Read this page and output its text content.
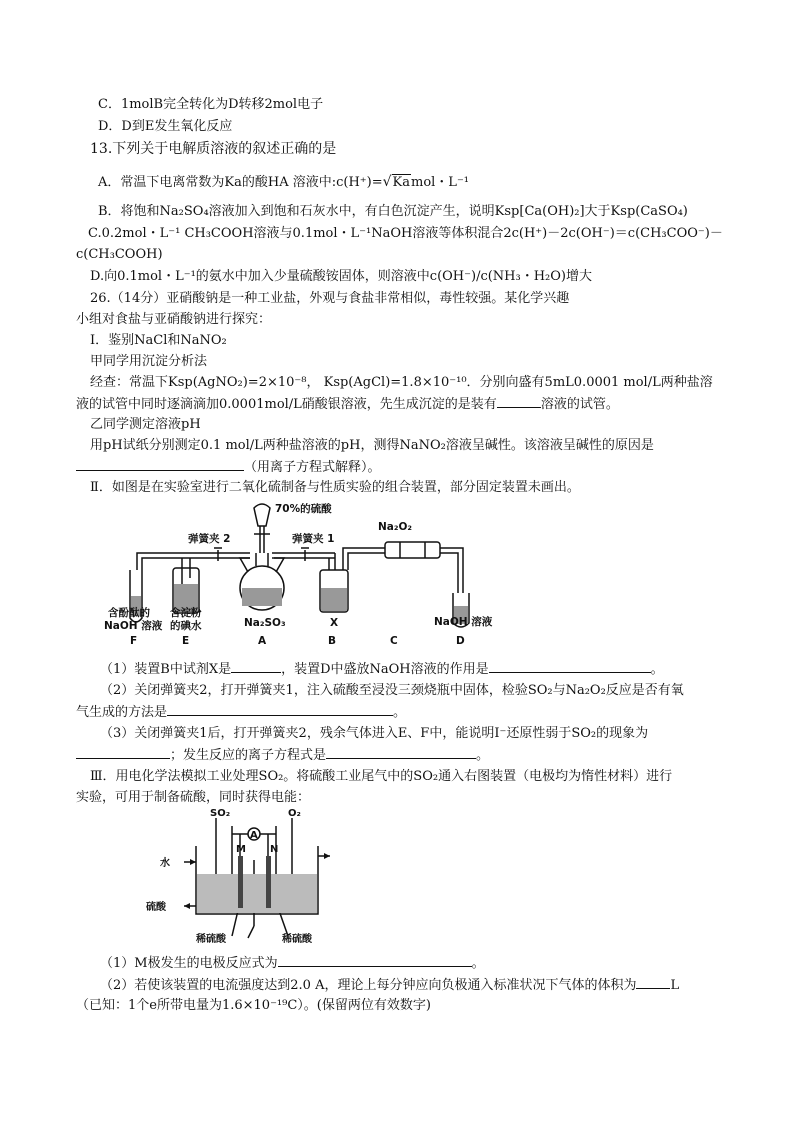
C．1molB完全转化为D转移2mol电子
D．D到E发生氧化反应
13.下列关于电解质溶液的叙述正确的是
A．常温下电离常数为Ka的酸HA 溶液中:c(H⁺)=√Kamol・L⁻¹
B．将饱和Na₂SO₄溶液加入到饱和石灰水中，有白色沉淀产生，说明Ksp[Ca(OH)₂]大于Ksp(CaSO₄)
C.0.2mol・L⁻¹ CH₃COOH溶液与0.1mol・L⁻¹NaOH溶液等体积混合2c(H⁺)－2c(OH⁻)＝c(CH₃COO⁻)－
c(CH₃COOH)
D.向0.1mol・L⁻¹的氨水中加入少量硫酸铵固体，则溶液中c(OH⁻)/c(NH₃・H₂O)增大
26.（14分）亚硝酸钠是一种工业盐，外观与食盐非常相似，毒性较强。某化学兴趣
小组对食盐与亚硝酸钠进行探究：
Ⅰ．鉴别NaCl和NaNO₂
甲同学用沉淀分析法
经查：常温下Ksp(AgNO₂)=2×10⁻⁸， Ksp(AgCl)=1.8×10⁻¹⁰．分别向盛有5mL0.0001 mol/L两种盐溶
液的试管中同时逐滴滴加0.0001mol/L硝酸银溶液，先生成沉淀的是装有	溶液的试管。
乙同学测定溶液pH
用pH试纸分别测定0.1 mol/L两种盐溶液的pH，测得NaNO₂溶液呈碱性。该溶液呈碱性的原因是
（用离子方程式解释）。
Ⅱ．如图是在实验室进行二氧化硫制备与性质实验的组合装置，部分固定装置未画出。
70%的硫酸
弹簧夹 2	弹簧夹 1
Na₂O₂
Na₂SO₃	X
含酚酞的
NaOH 溶液
含淀粉
的碘水	NaOH 溶液
F	E	A	B	C	D
（1）装置B中试剂X是	，装置D中盛放NaOH溶液的作用是	。
（2）关闭弹簧夹2，打开弹簧夹1，注入硫酸至浸没三颈烧瓶中固体，检验SO₂与Na₂O₂反应是否有氧
气生成的方法是	。
（3）关闭弹簧夹1后，打开弹簧夹2，残余气体进入E、F中，能说明I⁻还原性弱于SO₂的现象为
；发生反应的离子方程式是	。
Ⅲ．用电化学法模拟工业处理SO₂。将硫酸工业尾气中的SO₂通入右图装置（电极均为惰性材料）进行
实验，可用于制备硫酸，同时获得电能：
SO₂	O₂
A
M N
水
硫酸
稀硫酸	稀硫酸
（1）M极发生的电极反应式为	。
（2）若使该装置的电流强度达到2.0 A，理论上每分钟应向负极通入标准状况下气体的体积为	L
（已知：1个e所带电量为1.6×10⁻¹⁹C）。(保留两位有效数字)
